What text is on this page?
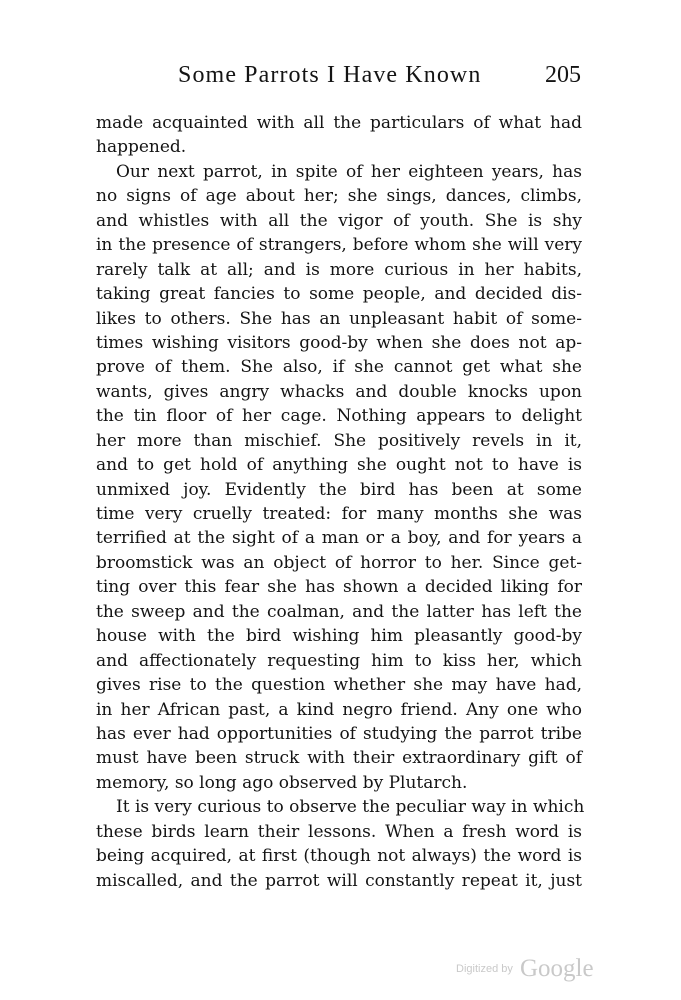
Some Parrots I Have Known	205
made acquainted with all the particulars of what had
happened.
Our next parrot, in spite of her eighteen years, has
no signs of age about her; she sings, dances, climbs,
and whistles with all the vigor of youth. She is shy
in the presence of strangers, before whom she will very
rarely talk at all; and is more curious in her habits,
taking great fancies to some people, and decided dis-
likes to others. She has an unpleasant habit of some-
times wishing visitors good-by when she does not ap-
prove of them. She also, if she cannot get what she
wants, gives angry whacks and double knocks upon
the tin floor of her cage. Nothing appears to delight
her more than mischief. She positively revels in it,
and to get hold of anything she ought not to have is
unmixed joy. Evidently the bird has been at some
time very cruelly treated: for many months she was
terrified at the sight of a man or a boy, and for years a
broomstick was an object of horror to her. Since get-
ting over this fear she has shown a decided liking for
the sweep and the coalman, and the latter has left the
house with the bird wishing him pleasantly good-by
and affectionately requesting him to kiss her, which
gives rise to the question whether she may have had,
in her African past, a kind negro friend. Any one who
has ever had opportunities of studying the parrot tribe
must have been struck with their extraordinary gift of
memory, so long ago observed by Plutarch.
It is very curious to observe the peculiar way in which
these birds learn their lessons. When a fresh word is
being acquired, at first (though not always) the word is
miscalled, and the parrot will constantly repeat it, just
Digitized by Google
